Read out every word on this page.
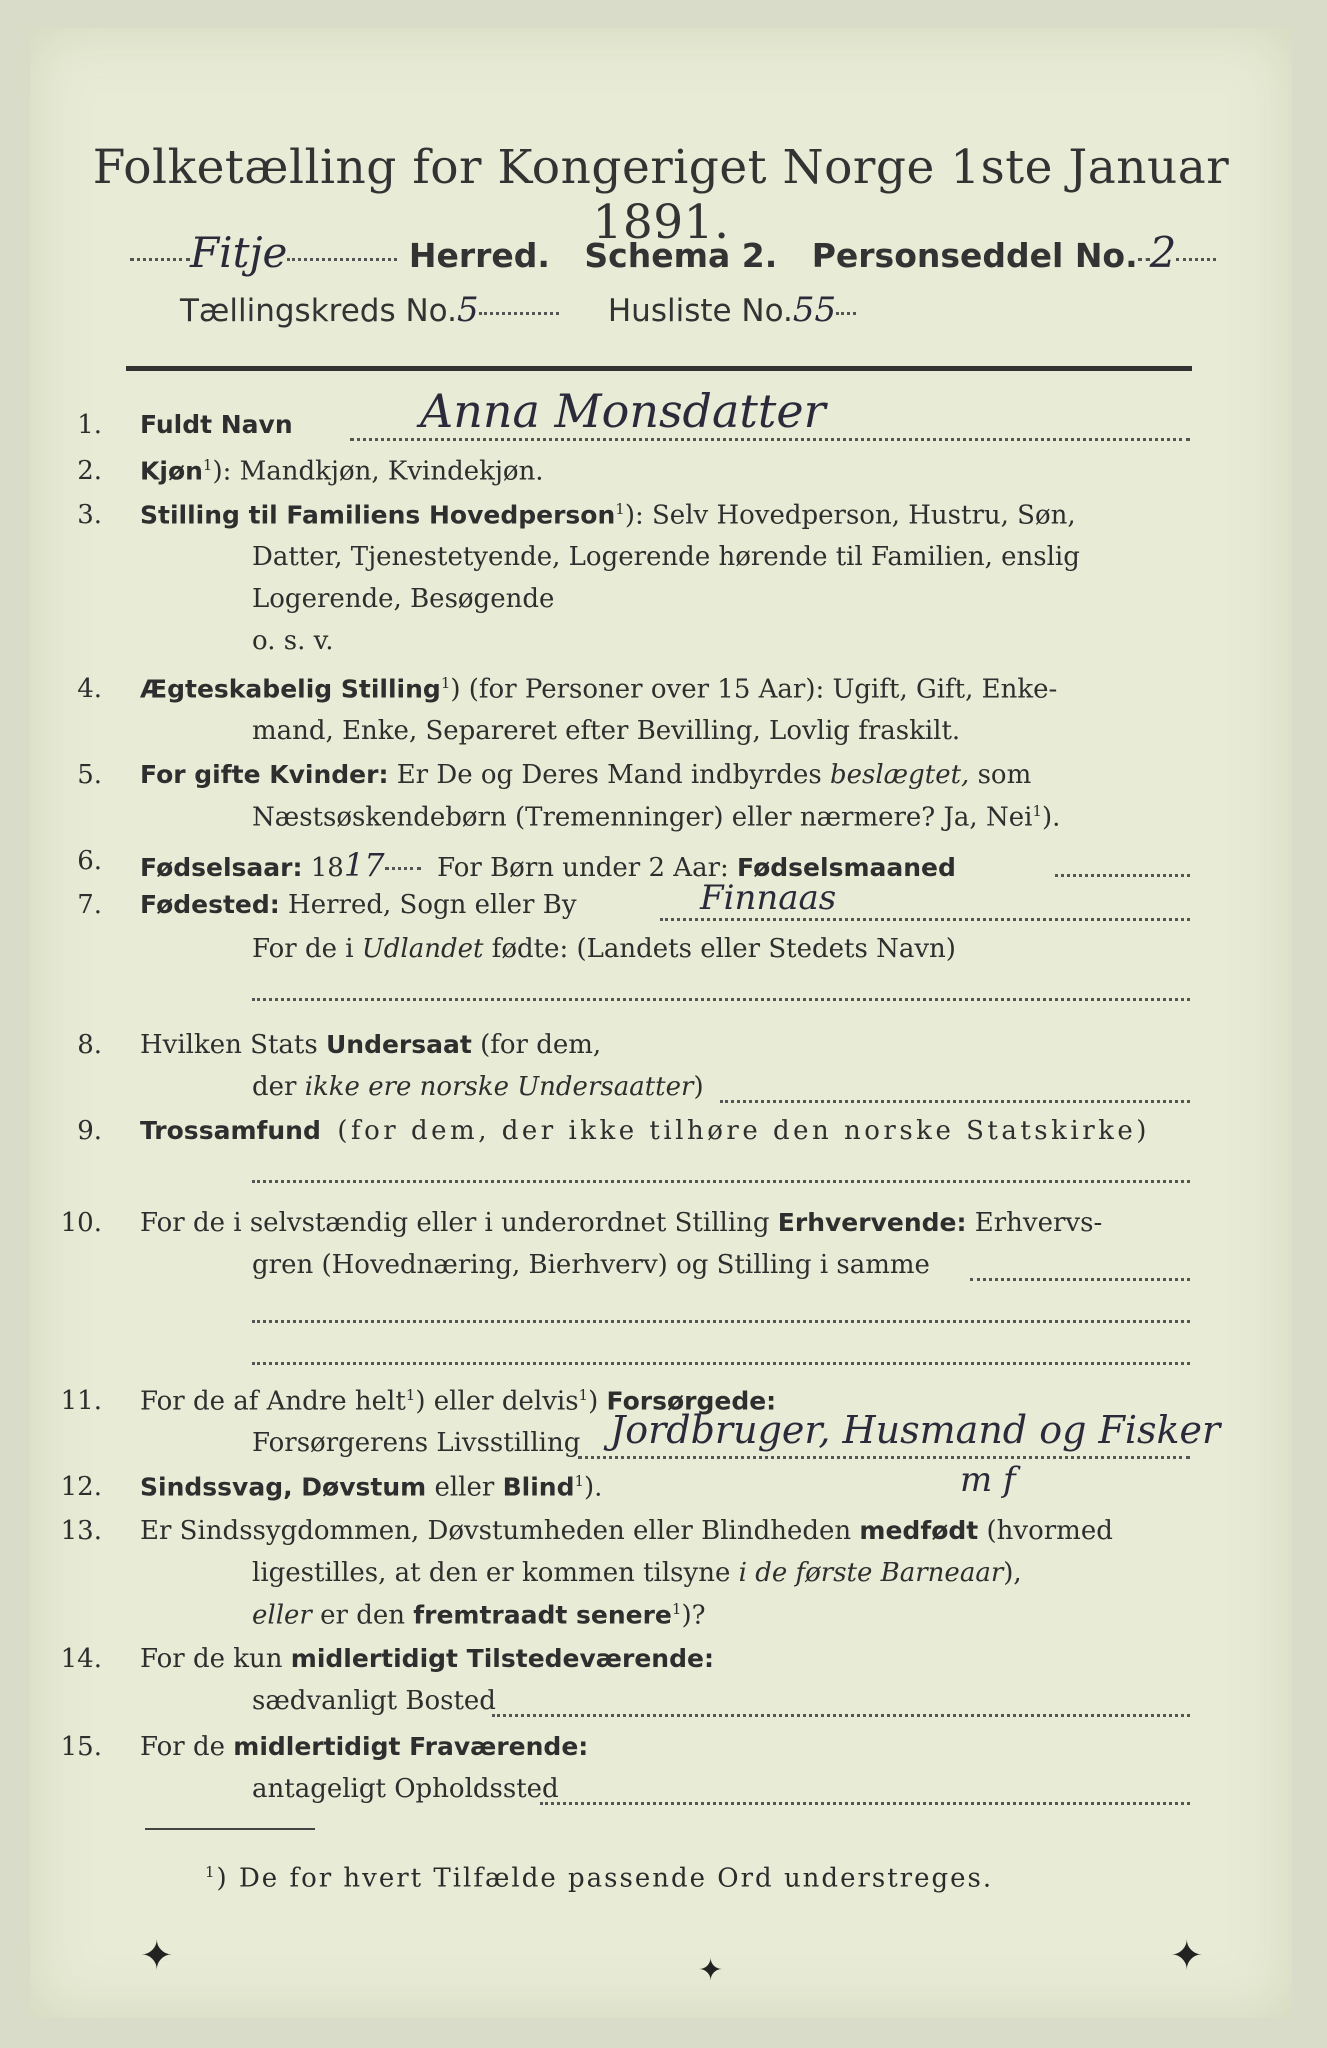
Folketælling for Kongeriget Norge 1ste Januar 1891.
Fitje	Herred. Schema 2. Personseddel No. 2
Tællingskreds No.5	Husliste No.55
1. Fuldt Navn	Anna Monsdatter
2. Kjøn$^1$): Mandkjøn, Kvindekjøn.
3. Stilling til Familiens Hovedperson$^1$): Selv Hovedperson, Hustru, Søn,
Datter, Tjenestetyende, Logerende hørende til Familien, enslig
Logerende, Besøgende
o. s. v.
4. Ægteskabelig Stilling$^1$) (for Personer over 15 Aar): Ugift, Gift, Enke-
mand, Enke, Separeret efter Bevilling, Lovlig fraskilt.
5. For gifte Kvinder: Er De og Deres Mand indbyrdes beslægtet, som
Næstsøskendebørn (Tremenninger) eller nærmere? Ja, Nei$^1$).
6. Fødselsaar: 1817 For Børn under 2 Aar: Fødselsmaaned
7. Fødested: Herred, Sogn eller By	Finnaas
For de i Udlandet fødte: (Landets eller Stedets Navn)
8. Hvilken Stats Undersaat (for dem,
der ikke ere norske Undersaatter)
9. Trossamfund (for dem, der ikke tilhøre den norske Statskirke)
10. For de i selvstændig eller i underordnet Stilling Erhvervende: Erhvervs-
gren (Hovednæring, Bierhverv) og Stilling i samme
11. For de af Andre helt$^1$) eller delvis$^1$) Forsørgede:
Forsørgerens Livsstilling Jordbruger, Husmand og Fisker
12. Sindssvag, Døvstum eller Blind$^1$).	m f
13. Er Sindssygdommen, Døvstumheden eller Blindheden medfødt (hvormed
ligestilles, at den er kommen tilsyne i de første Barneaar),
eller er den fremtraadt senere$^1$)?
14. For de kun midlertidigt Tilstedeværende:
sædvanligt Bosted
15. For de midlertidigt Fraværende:
antageligt Opholdssted
$^1$) De for hvert Tilfælde passende Ord understreges.
✦	✦	✦
